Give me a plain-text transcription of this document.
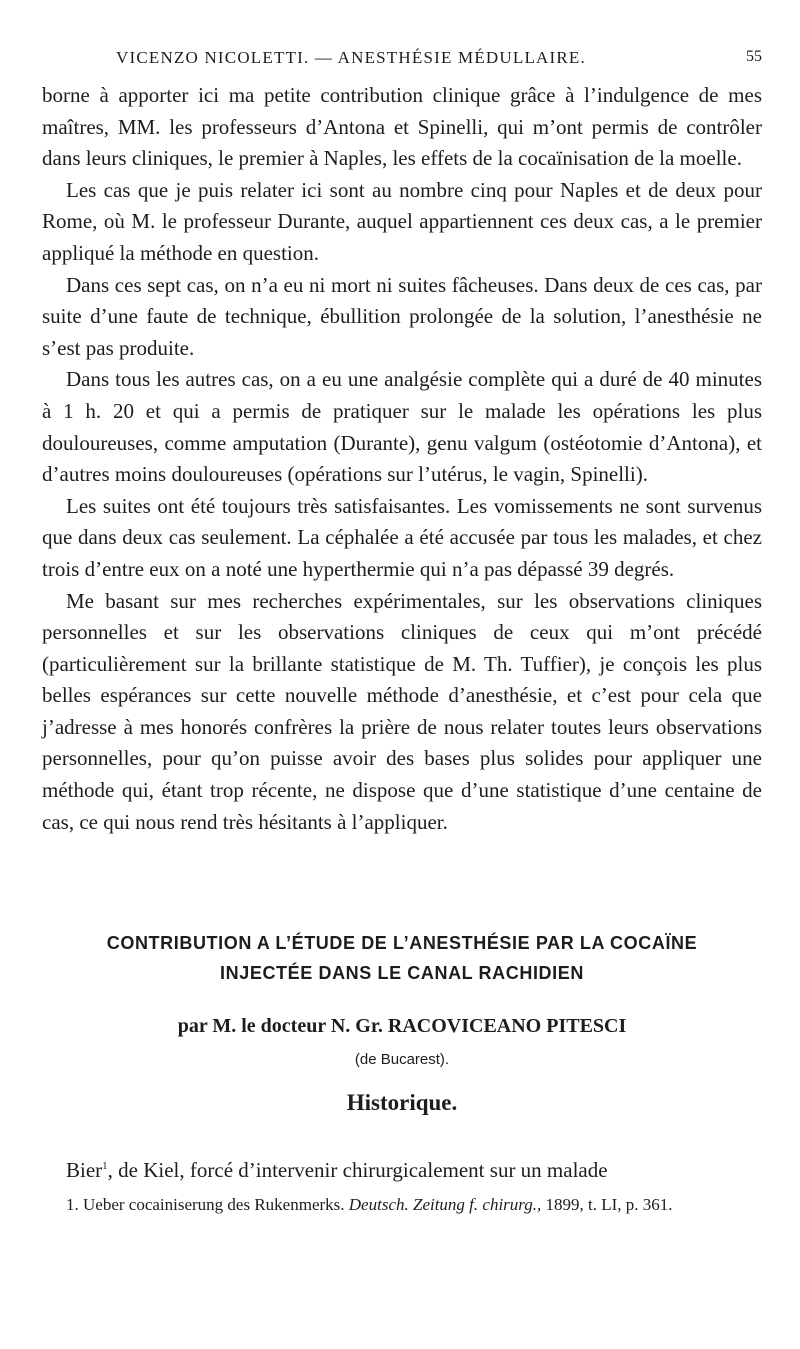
VICENZO NICOLETTI. — ANESTHÉSIE MÉDULLAIRE.	55

borne à apporter ici ma petite contribution clinique grâce à l’indulgence de mes maîtres, MM. les professeurs d’Antona et Spinelli, qui m’ont permis de contrôler dans leurs cliniques, le premier à Naples, les effets de la cocaïnisation de la moelle.

Les cas que je puis relater ici sont au nombre cinq pour Naples et de deux pour Rome, où M. le professeur Durante, auquel appartiennent ces deux cas, a le premier appliqué la méthode en question.

Dans ces sept cas, on n’a eu ni mort ni suites fâcheuses. Dans deux de ces cas, par suite d’une faute de technique, ébullition prolongée de la solution, l’anesthésie ne s’est pas produite.

Dans tous les autres cas, on a eu une analgésie complète qui a duré de 40 minutes à 1 h. 20 et qui a permis de pratiquer sur le malade les opérations les plus douloureuses, comme amputation (Durante), genu valgum (ostéotomie d’Antona), et d’autres moins douloureuses (opérations sur l’utérus, le vagin, Spinelli).

Les suites ont été toujours très satisfaisantes. Les vomissements ne sont survenus que dans deux cas seulement. La céphalée a été accusée par tous les malades, et chez trois d’entre eux on a noté une hyperthermie qui n’a pas dépassé 39 degrés.

Me basant sur mes recherches expérimentales, sur les observations cliniques personnelles et sur les observations cliniques de ceux qui m’ont précédé (particulièrement sur la brillante statistique de M. Th. Tuffier), je conçois les plus belles espérances sur cette nouvelle méthode d’anesthésie, et c’est pour cela que j’adresse à mes honorés confrères la prière de nous relater toutes leurs observations personnelles, pour qu’on puisse avoir des bases plus solides pour appliquer une méthode qui, étant trop récente, ne dispose que d’une statistique d’une centaine de cas, ce qui nous rend très hésitants à l’appliquer.

CONTRIBUTION A L’ÉTUDE DE L’ANESTHÉSIE PAR LA COCAÏNE
INJECTÉE DANS LE CANAL RACHIDIEN
par M. le docteur N. Gr. RACOVICEANO PITESCI
(de Bucarest).
Historique.

Bier$^1$, de Kiel, forcé d’intervenir chirurgicalement sur un malade

1. Ueber cocainiserung des Rukenmerks. Deutsch. Zeitung f. chirurg., 1899, t. LI, p. 361.
